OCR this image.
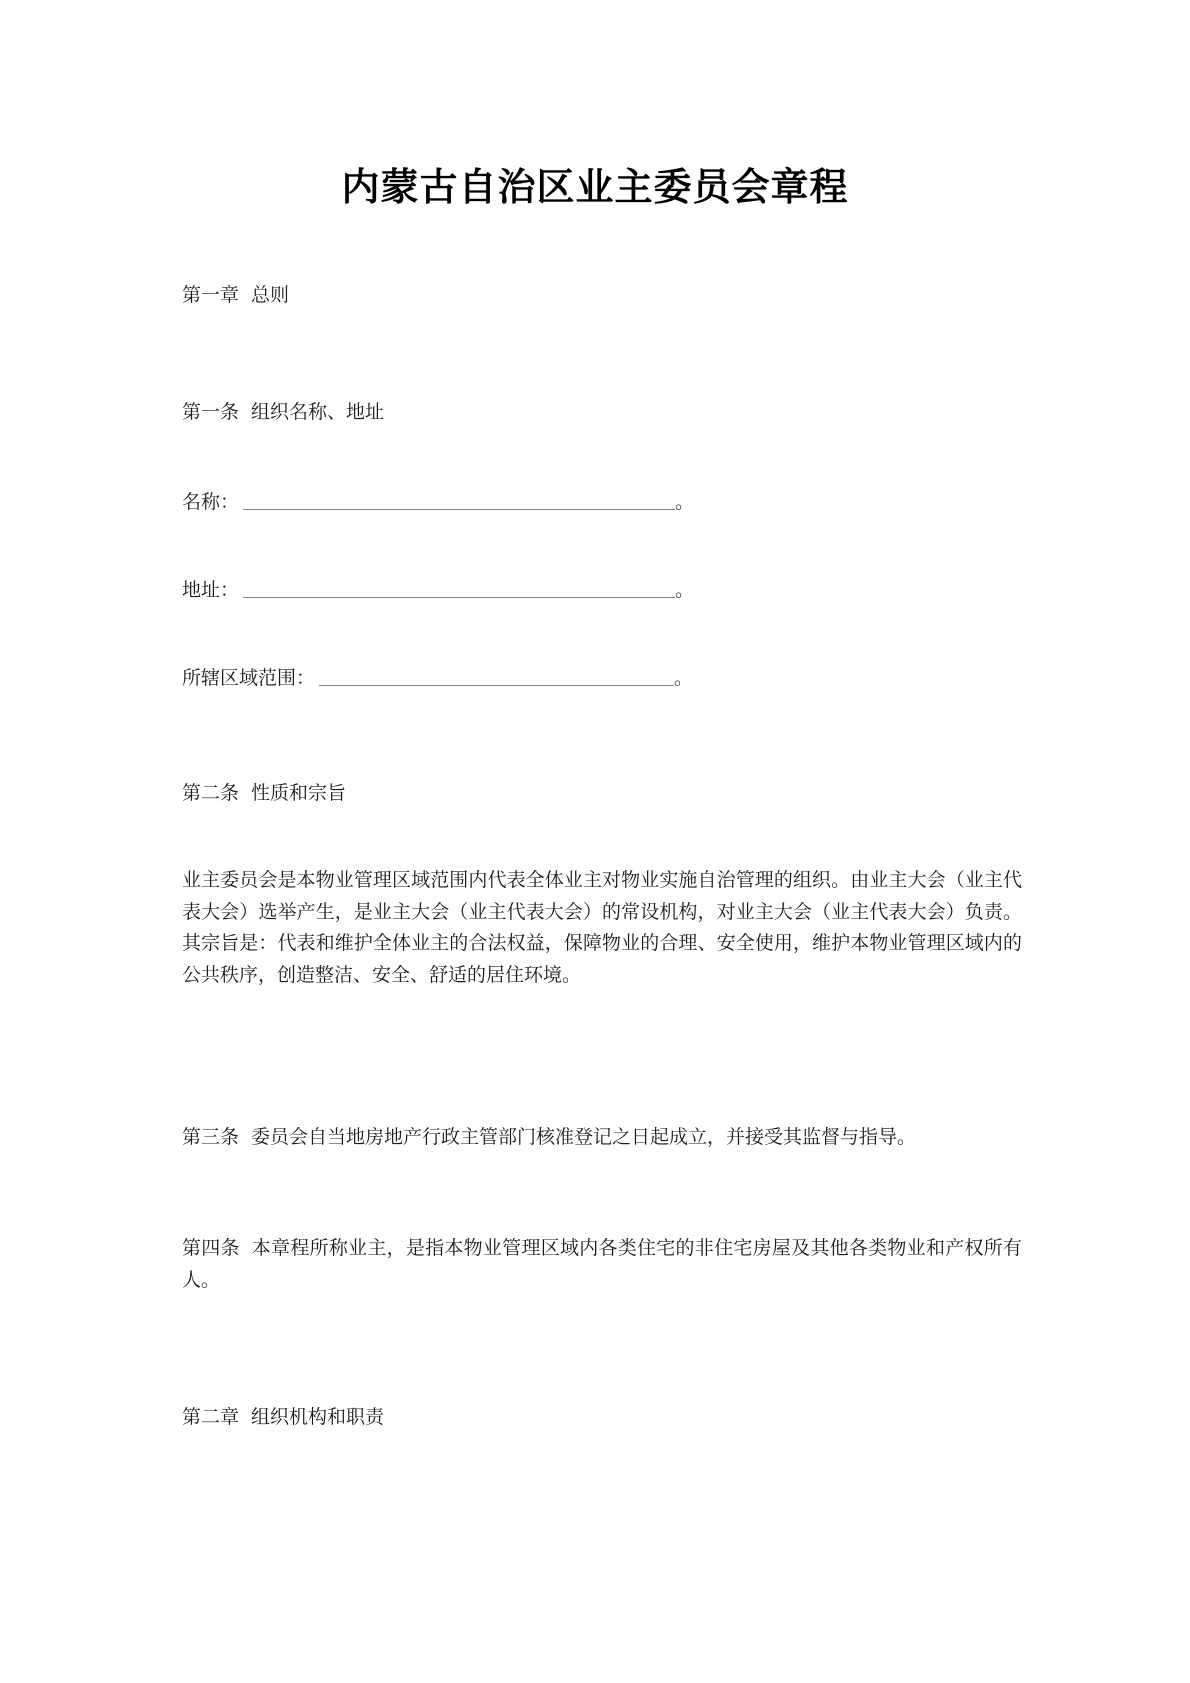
内蒙古自治区业主委员会章程
第一章 总则
第一条 组织名称、地址
名称：	。
地址：	。
所辖区域范围：	。
第二条 性质和宗旨
业主委员会是本物业管理区域范围内代表全体业主对物业实施自治管理的组织。由业主大会（业主代表大会）选举产生，是业主大会（业主代表大会）的常设机构，对业主大会（业主代表大会）负责。其宗旨是：代表和维护全体业主的合法权益，保障物业的合理、安全使用，维护本物业管理区域内的公共秩序，创造整洁、安全、舒适的居住环境。
第三条 委员会自当地房地产行政主管部门核准登记之日起成立，并接受其监督与指导。
第四条 本章程所称业主，是指本物业管理区域内各类住宅的非住宅房屋及其他各类物业和产权所有人。
第二章 组织机构和职责
